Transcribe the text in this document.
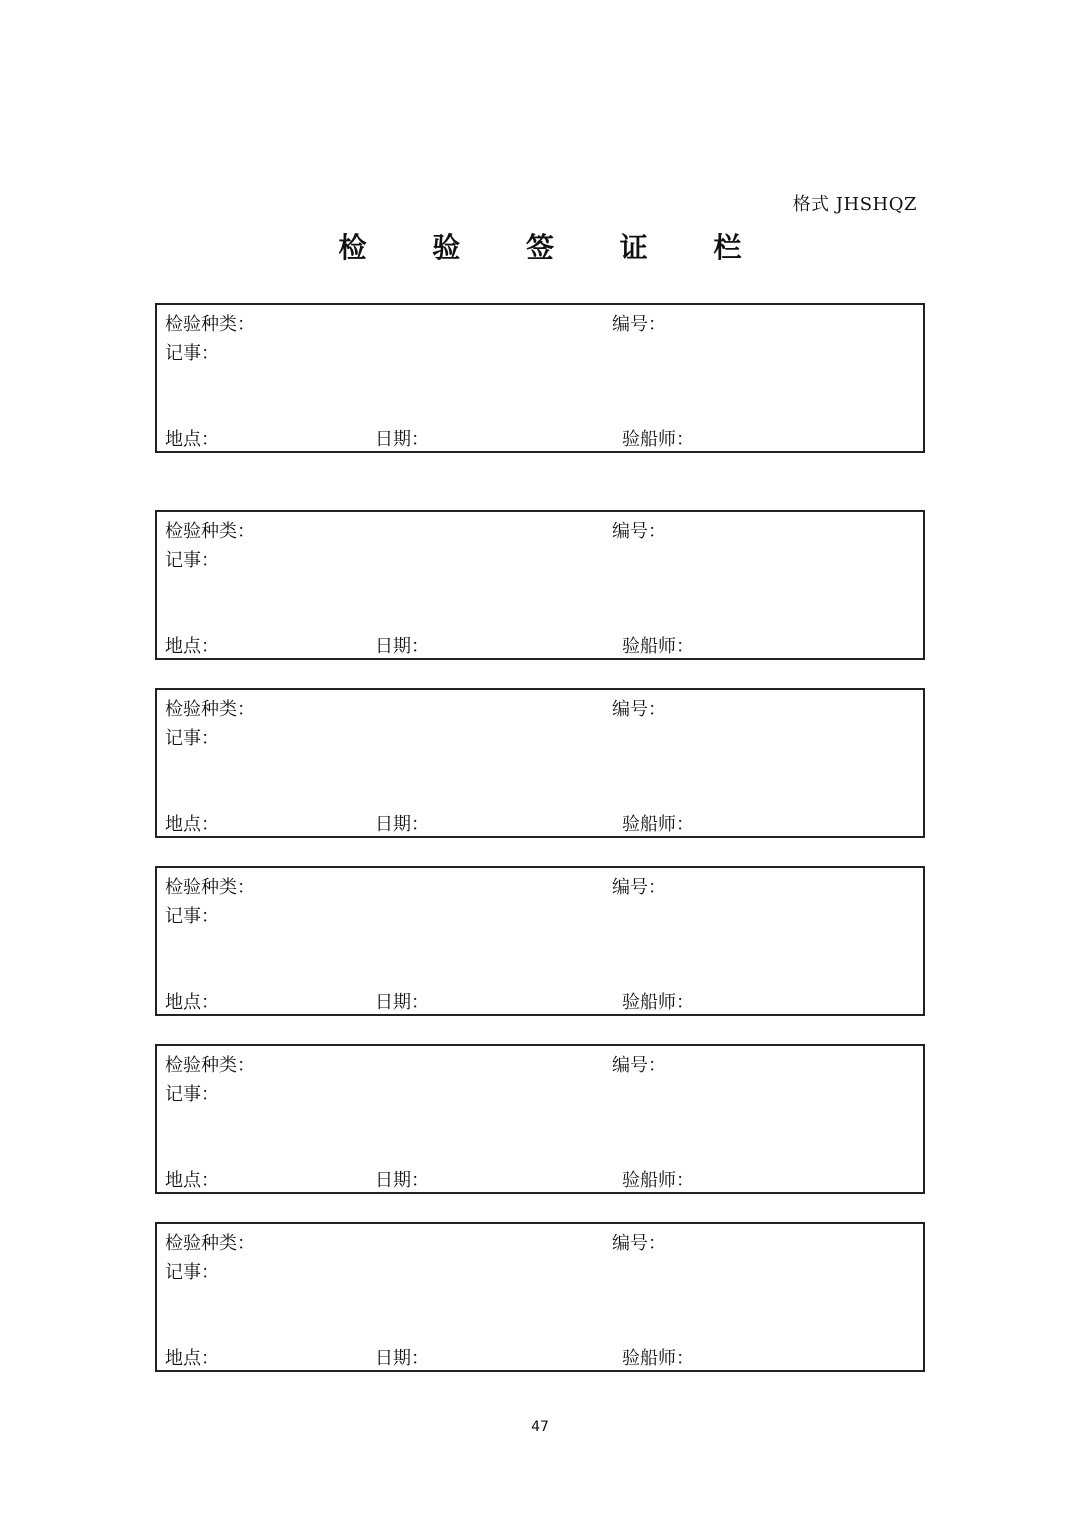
格式 JHSHQZ
检 验 签 证 栏
检验种类：	编号：
记事：
地点：	日期：	验船师：
检验种类：	编号：
记事：
地点：	日期：	验船师：
检验种类：	编号：
记事：
地点：	日期：	验船师：
检验种类：	编号：
记事：
地点：	日期：	验船师：
检验种类：	编号：
记事：
地点：	日期：	验船师：
检验种类：	编号：
记事：
地点：	日期：	验船师：
47
